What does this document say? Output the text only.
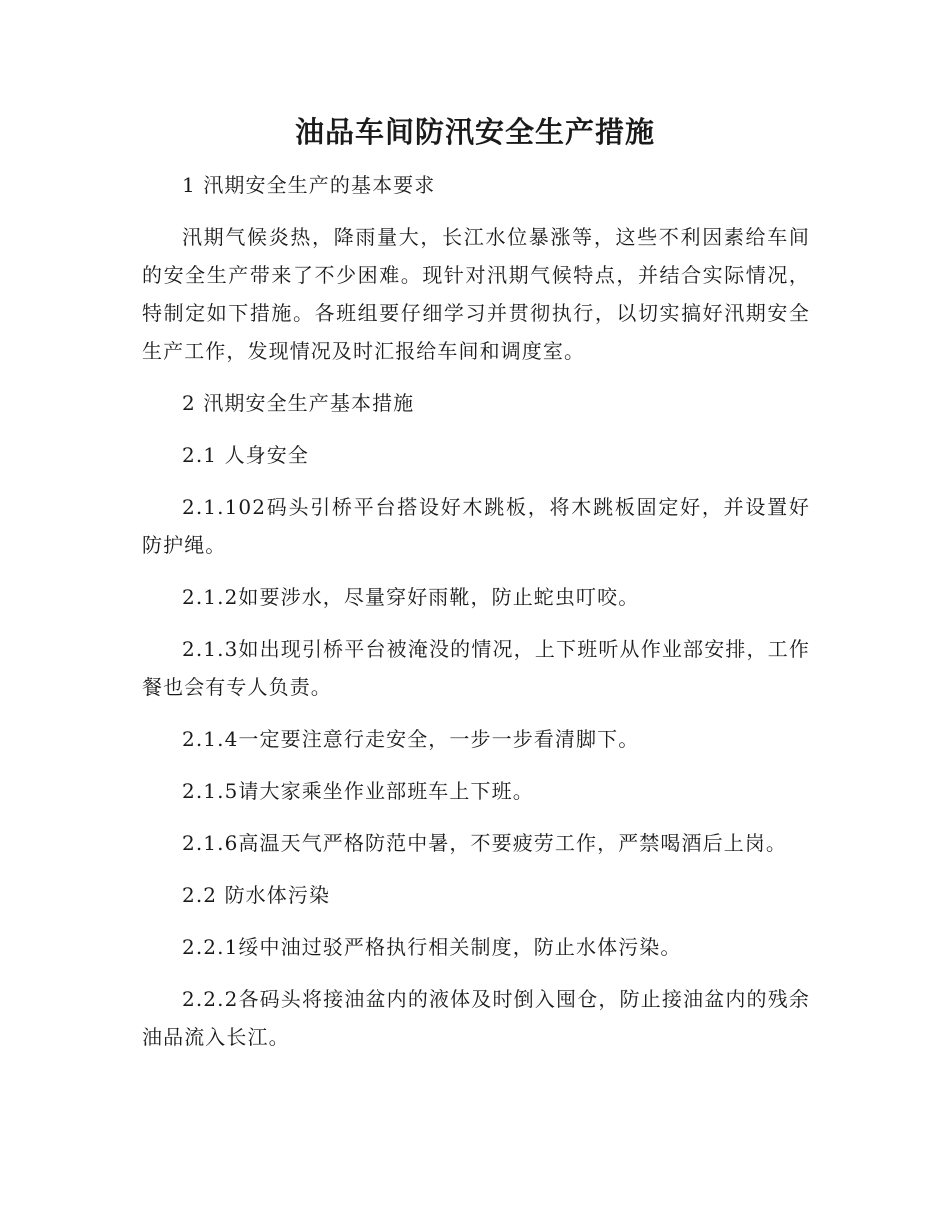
油品车间防汛安全生产措施

1 汛期安全生产的基本要求

汛期气候炎热，降雨量大，长江水位暴涨等，这些不利因素给车间的安全生产带来了不少困难。现针对汛期气候特点，并结合实际情况，特制定如下措施。各班组要仔细学习并贯彻执行，以切实搞好汛期安全生产工作，发现情况及时汇报给车间和调度室。

2 汛期安全生产基本措施

2.1 人身安全

2.1.102码头引桥平台搭设好木跳板，将木跳板固定好，并设置好防护绳。

2.1.2如要涉水，尽量穿好雨靴，防止蛇虫叮咬。

2.1.3如出现引桥平台被淹没的情况，上下班听从作业部安排，工作餐也会有专人负责。

2.1.4一定要注意行走安全，一步一步看清脚下。

2.1.5请大家乘坐作业部班车上下班。

2.1.6高温天气严格防范中暑，不要疲劳工作，严禁喝酒后上岗。

2.2 防水体污染

2.2.1绥中油过驳严格执行相关制度，防止水体污染。

2.2.2各码头将接油盆内的液体及时倒入囤仓，防止接油盆内的残余油品流入长江。
